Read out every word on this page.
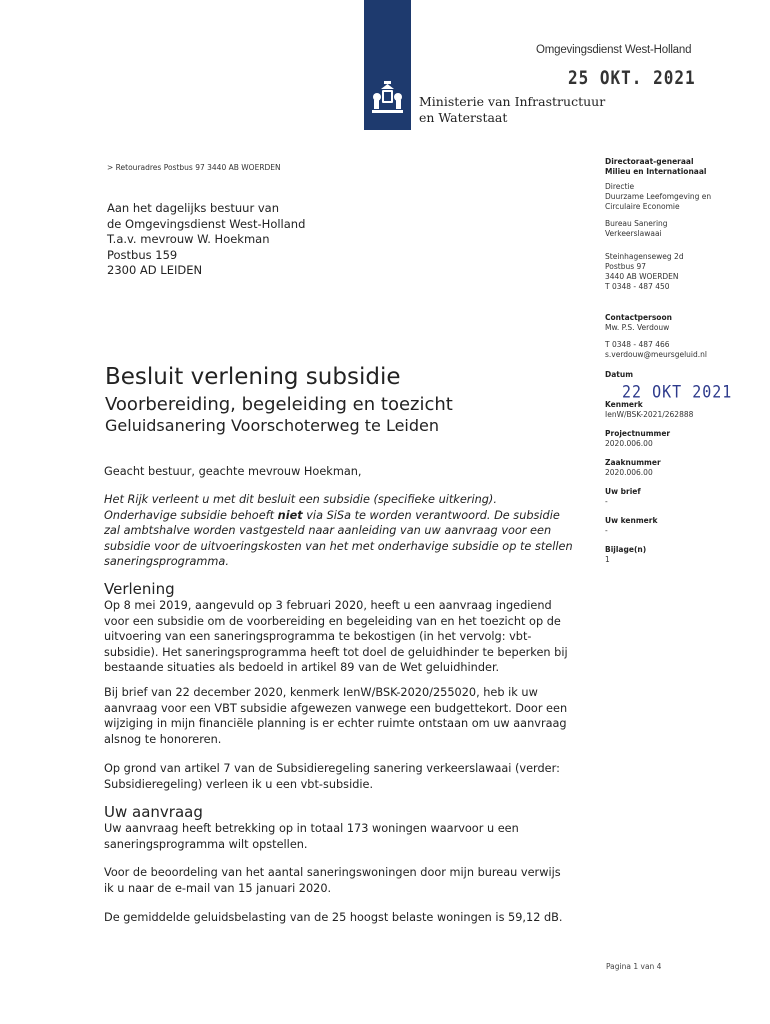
Ministerie van Infrastructuur
en Waterstaat
Omgevingsdienst West-Holland
25 OKT. 2021
> Retouradres Postbus 97 3440 AB WOERDEN
Aan het dagelijks bestuur van
de Omgevingsdienst West-Holland
T.a.v. mevrouw W. Hoekman
Postbus 159
2300 AD LEIDEN
Directoraat-generaal
Milieu en Internationaal
Directie
Duurzame Leefomgeving en
Circulaire Economie
Bureau Sanering
Verkeerslawaai
Steinhagenseweg 2d
Postbus 97
3440 AB WOERDEN
T 0348 - 487 450
Contactpersoon
Mw. P.S. Verdouw
T 0348 - 487 466
s.verdouw@meursgeluid.nl
Datum
22 OKT 2021
Kenmerk
IenW/BSK-2021/262888
Projectnummer
2020.006.00
Zaaknummer
2020.006.00
Uw brief
-
Uw kenmerk
-
Bijlage(n)
1
Besluit verlening subsidie
Voorbereiding, begeleiding en toezicht
Geluidsanering Voorschoterweg te Leiden
Geacht bestuur, geachte mevrouw Hoekman,
Het Rijk verleent u met dit besluit een subsidie (specifieke uitkering).
Onderhavige subsidie behoeft niet via SiSa te worden verantwoord. De subsidie
zal ambtshalve worden vastgesteld naar aanleiding van uw aanvraag voor een
subsidie voor de uitvoeringskosten van het met onderhavige subsidie op te stellen
saneringsprogramma.
Verlening
Op 8 mei 2019, aangevuld op 3 februari 2020, heeft u een aanvraag ingediend
voor een subsidie om de voorbereiding en begeleiding van en het toezicht op de
uitvoering van een saneringsprogramma te bekostigen (in het vervolg: vbt-
subsidie). Het saneringsprogramma heeft tot doel de geluidhinder te beperken bij
bestaande situaties als bedoeld in artikel 89 van de Wet geluidhinder.
Bij brief van 22 december 2020, kenmerk IenW/BSK-2020/255020, heb ik uw
aanvraag voor een VBT subsidie afgewezen vanwege een budgettekort. Door een
wijziging in mijn financiële planning is er echter ruimte ontstaan om uw aanvraag
alsnog te honoreren.
Op grond van artikel 7 van de Subsidieregeling sanering verkeerslawaai (verder:
Subsidieregeling) verleen ik u een vbt-subsidie.
Uw aanvraag
Uw aanvraag heeft betrekking op in totaal 173 woningen waarvoor u een
saneringsprogramma wilt opstellen.
Voor de beoordeling van het aantal saneringswoningen door mijn bureau verwijs
ik u naar de e-mail van 15 januari 2020.
De gemiddelde geluidsbelasting van de 25 hoogst belaste woningen is 59,12 dB.
Pagina 1 van 4
